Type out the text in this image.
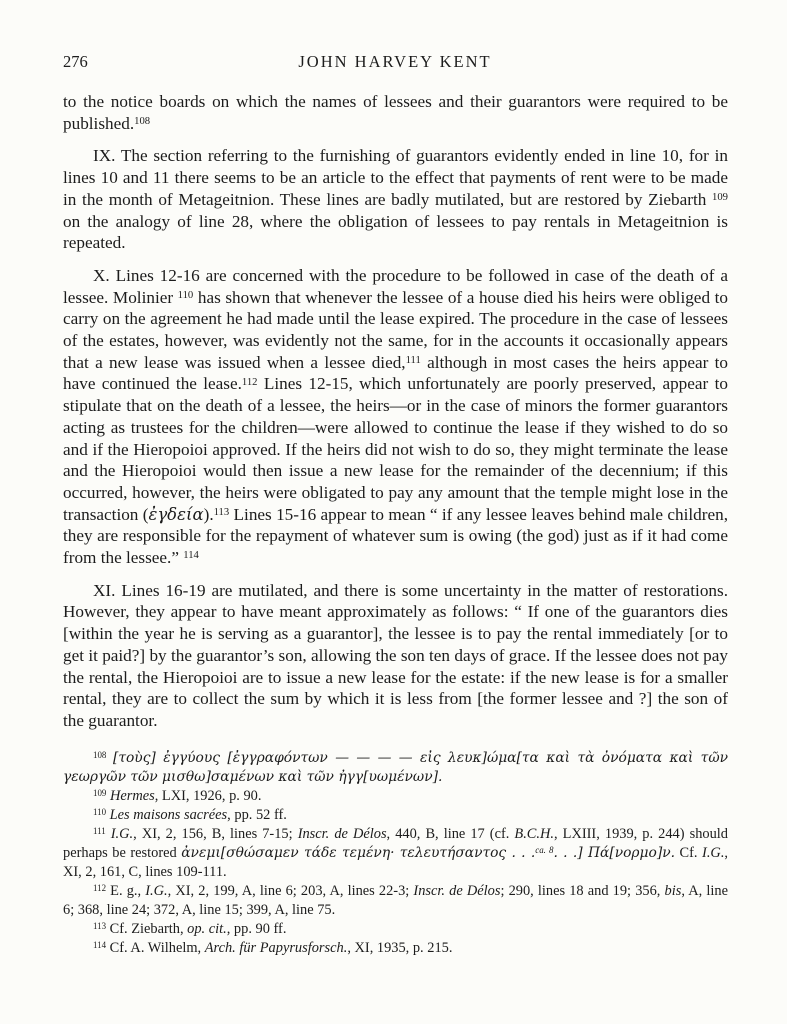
276	JOHN HARVEY KENT

to the notice boards on which the names of lessees and their guarantors were required to be published.$^{108}$

IX. The section referring to the furnishing of guarantors evidently ended in line 10, for in lines 10 and 11 there seems to be an article to the effect that payments of rent were to be made in the month of Metageitnion. These lines are badly mutilated, but are restored by Ziebarth $^{109}$ on the analogy of line 28, where the obligation of lessees to pay rentals in Metageitnion is repeated.

X. Lines 12-16 are concerned with the procedure to be followed in case of the death of a lessee. Molinier $^{110}$ has shown that whenever the lessee of a house died his heirs were obliged to carry on the agreement he had made until the lease expired. The procedure in the case of lessees of the estates, however, was evidently not the same, for in the accounts it occasionally appears that a new lease was issued when a lessee died,$^{111}$ although in most cases the heirs appear to have continued the lease.$^{112}$ Lines 12-15, which unfortunately are poorly preserved, appear to stipulate that on the death of a lessee, the heirs—or in the case of minors the former guarantors acting as trustees for the children—were allowed to continue the lease if they wished to do so and if the Hieropoioi approved. If the heirs did not wish to do so, they might terminate the lease and the Hieropoioi would then issue a new lease for the remainder of the decennium; if this occurred, however, the heirs were obligated to pay any amount that the temple might lose in the transaction (ἐγδεία).$^{113}$ Lines 15-16 appear to mean “ if any lessee leaves behind male children, they are responsible for the repayment of whatever sum is owing (the god) just as if it had come from the lessee.” $^{114}$

XI. Lines 16-19 are mutilated, and there is some uncertainty in the matter of restorations. However, they appear to have meant approximately as follows: “ If one of the guarantors dies [within the year he is serving as a guarantor], the lessee is to pay the rental immediately [or to get it paid?] by the guarantor’s son, allowing the son ten days of grace. If the lessee does not pay the rental, the Hieropoioi are to issue a new lease for the estate: if the new lease is for a smaller rental, they are to collect the sum by which it is less from [the former lessee and ?] the son of the guarantor.

$^{108}$ [τοὺς] ἐγγύους [ἐγγραφόντων — — — — εἰς λευκ]ώμα[τα καὶ τὰ ὀνόματα καὶ τῶν γεωργῶν τῶν μισθω]σαμένων καὶ τῶν ἠγγ[υωμένων].

$^{109}$ Hermes, LXI, 1926, p. 90.

$^{110}$ Les maisons sacrées, pp. 52 ff.

$^{111}$ I.G., XI, 2, 156, B, lines 7-15; Inscr. de Délos, 440, B, line 17 (cf. B.C.H., LXIII, 1939, p. 244) should perhaps be restored ἀνεμι[σθώσαμεν τάδε τεμένη· τελευτήσαντος . . .$^{ca. 8}$. . .] Πά[νορμο]ν. Cf. I.G., XI, 2, 161, C, lines 109-111.

$^{112}$ E. g., I.G., XI, 2, 199, A, line 6; 203, A, lines 22-3; Inscr. de Délos; 290, lines 18 and 19; 356, bis, A, line 6; 368, line 24; 372, A, line 15; 399, A, line 75.

$^{113}$ Cf. Ziebarth, op. cit., pp. 90 ff.

$^{114}$ Cf. A. Wilhelm, Arch. für Papyrusforsch., XI, 1935, p. 215.
